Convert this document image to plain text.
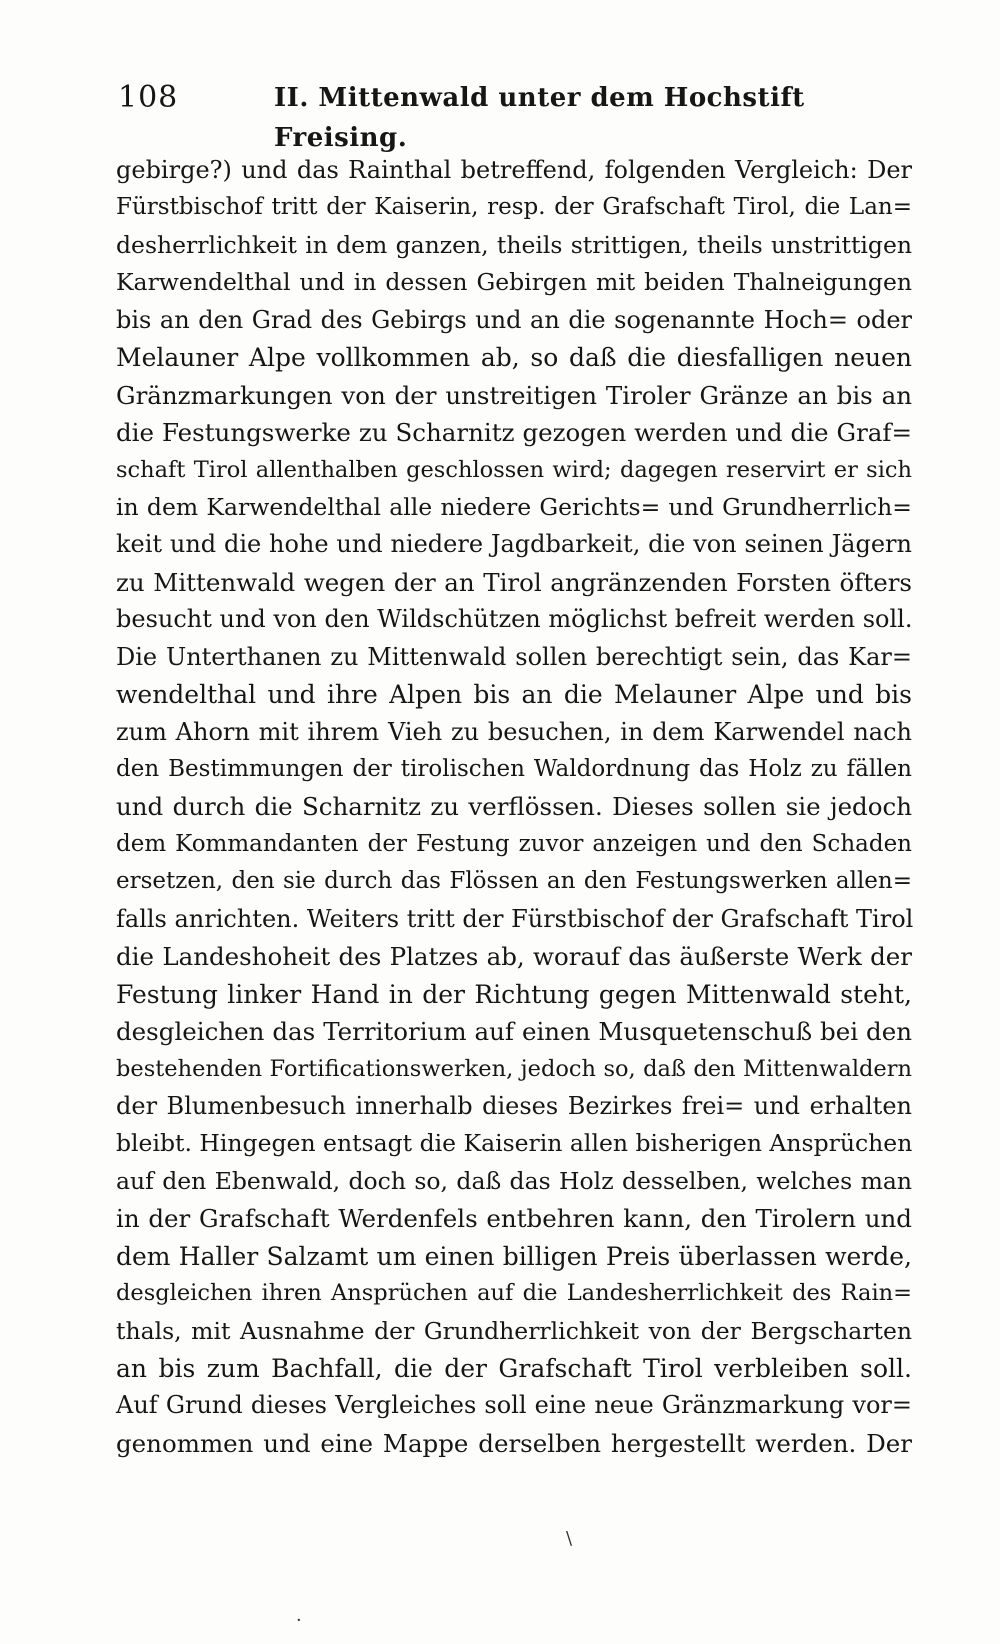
108	II. Mittenwald unter dem Hochstift Freising.
gebirge?) und das Rainthal betreffend, folgenden Vergleich: Der
Fürstbischof tritt der Kaiserin, resp. der Grafschaft Tirol, die Lan=
desherrlichkeit in dem ganzen, theils strittigen, theils unstrittigen
Karwendelthal und in dessen Gebirgen mit beiden Thalneigungen
bis an den Grad des Gebirgs und an die sogenannte Hoch= oder
Melauner Alpe vollkommen ab, so daß die diesfalligen neuen
Gränzmarkungen von der unstreitigen Tiroler Gränze an bis an
die Festungswerke zu Scharnitz gezogen werden und die Graf=
schaft Tirol allenthalben geschlossen wird; dagegen reservirt er sich
in dem Karwendelthal alle niedere Gerichts= und Grundherrlich=
keit und die hohe und niedere Jagdbarkeit, die von seinen Jägern
zu Mittenwald wegen der an Tirol angränzenden Forsten öfters
besucht und von den Wildschützen möglichst befreit werden soll.
Die Unterthanen zu Mittenwald sollen berechtigt sein, das Kar=
wendelthal und ihre Alpen bis an die Melauner Alpe und bis
zum Ahorn mit ihrem Vieh zu besuchen, in dem Karwendel nach
den Bestimmungen der tirolischen Waldordnung das Holz zu fällen
und durch die Scharnitz zu verflössen. Dieses sollen sie jedoch
dem Kommandanten der Festung zuvor anzeigen und den Schaden
ersetzen, den sie durch das Flössen an den Festungswerken allen=
falls anrichten. Weiters tritt der Fürstbischof der Grafschaft Tirol
die Landeshoheit des Platzes ab, worauf das äußerste Werk der
Festung linker Hand in der Richtung gegen Mittenwald steht,
desgleichen das Territorium auf einen Musquetenschuß bei den
bestehenden Fortificationswerken, jedoch so, daß den Mittenwaldern
der Blumenbesuch innerhalb dieses Bezirkes frei= und erhalten
bleibt. Hingegen entsagt die Kaiserin allen bisherigen Ansprüchen
auf den Ebenwald, doch so, daß das Holz desselben, welches man
in der Grafschaft Werdenfels entbehren kann, den Tirolern und
dem Haller Salzamt um einen billigen Preis überlassen werde,
desgleichen ihren Ansprüchen auf die Landesherrlichkeit des Rain=
thals, mit Ausnahme der Grundherrlichkeit von der Bergscharten
an bis zum Bachfall, die der Grafschaft Tirol verbleiben soll.
Auf Grund dieses Vergleiches soll eine neue Gränzmarkung vor=
genommen und eine Mappe derselben hergestellt werden. Der
\
·
